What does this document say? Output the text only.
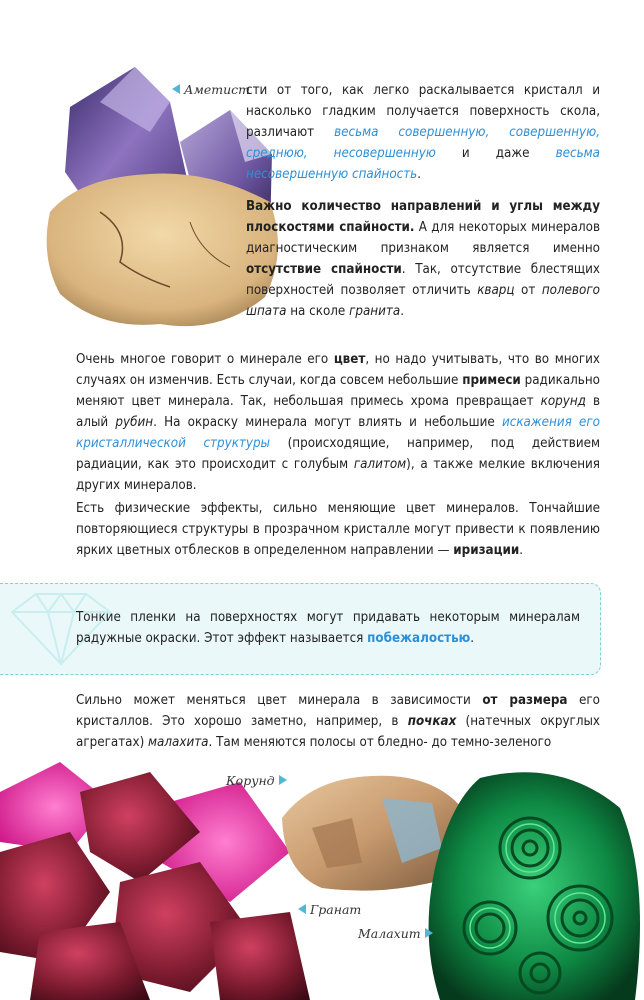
Аметист

сти от того, как легко раскалывается кристалл и насколько гладким получается поверхность скола, различают весьма совершенную, совершенную, среднюю, несовершенную и даже весьма несовершенную спайность.

Важно количество направлений и углы между плоскостями спайности. А для некоторых минералов диагностическим признаком является именно отсутствие спайности. Так, отсутствие блестящих поверхностей позволяет отличить кварц от полевого шпата на сколе гранита.

Очень многое говорит о минерале его цвет, но надо учитывать, что во многих случаях он изменчив. Есть случаи, когда совсем небольшие примеси радикально меняют цвет минерала. Так, небольшая примесь хрома превращает корунд в алый рубин. На окраску минерала могут влиять и небольшие искажения его кристаллической структуры (происходящие, например, под действием радиации, как это происходит с голубым галитом), а также мелкие включения других минералов.

Есть физические эффекты, сильно меняющие цвет минералов. Тончайшие повторяющиеся структуры в прозрачном кристалле могут привести к появлению ярких цветных отблесков в определенном направлении — иризации.

Тонкие пленки на поверхностях могут придавать некоторым минералам радужные окраски. Этот эффект называется побежалостью.

Сильно может меняться цвет минерала в зависимости от размера его кристаллов. Это хорошо заметно, например, в почках (натечных округлых агрегатах) малахита. Там меняются полосы от бледно- до темно-зеленого

Корунд
Гранат
Малахит
